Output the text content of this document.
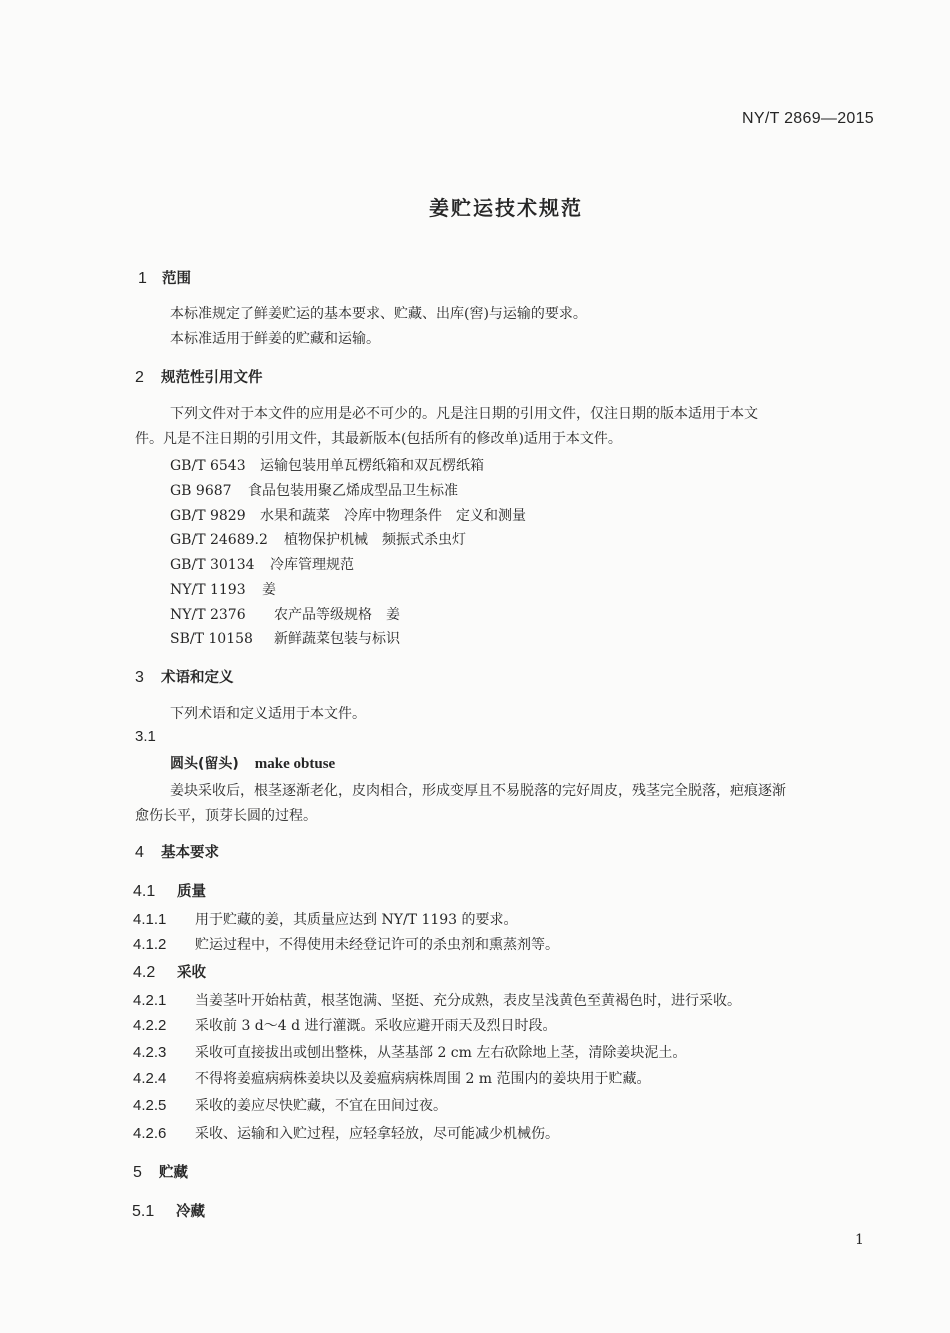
NY/T 2869—2015
姜贮运技术规范
1 范围
本标准规定了鲜姜贮运的基本要求、贮藏、出库(窖)与运输的要求。
本标准适用于鲜姜的贮藏和运输。
2 规范性引用文件
下列文件对于本文件的应用是必不可少的。凡是注日期的引用文件，仅注日期的版本适用于本文
件。凡是不注日期的引用文件，其最新版本(包括所有的修改单)适用于本文件。
GB/T 6543 运输包装用单瓦楞纸箱和双瓦楞纸箱
GB 9687 食品包装用聚乙烯成型品卫生标准
GB/T 9829 水果和蔬菜　冷库中物理条件　定义和测量
GB/T 24689.2 植物保护机械　频振式杀虫灯
GB/T 30134 冷库管理规范
NY/T 1193 姜
NY/T 2376 农产品等级规格　姜
SB/T 10158 新鲜蔬菜包装与标识
3 术语和定义
下列术语和定义适用于本文件。
3.1
圆头(留头) make obtuse
姜块采收后，根茎逐渐老化，皮肉相合，形成变厚且不易脱落的完好周皮，残茎完全脱落，疤痕逐渐
愈伤长平，顶芽长圆的过程。
4 基本要求
4.1 质量
4.1.1 用于贮藏的姜，其质量应达到 NY/T 1193 的要求。
4.1.2 贮运过程中，不得使用未经登记许可的杀虫剂和熏蒸剂等。
4.2 采收
4.2.1 当姜茎叶开始枯黄，根茎饱满、坚挺、充分成熟，表皮呈浅黄色至黄褐色时，进行采收。
4.2.2 采收前 3 d～4 d 进行灌溉。采收应避开雨天及烈日时段。
4.2.3 采收可直接拔出或刨出整株，从茎基部 2 cm 左右砍除地上茎，清除姜块泥土。
4.2.4 不得将姜瘟病病株姜块以及姜瘟病病株周围 2 m 范围内的姜块用于贮藏。
4.2.5 采收的姜应尽快贮藏，不宜在田间过夜。
4.2.6 采收、运输和入贮过程，应轻拿轻放，尽可能减少机械伤。
5 贮藏
5.1 冷藏
1
